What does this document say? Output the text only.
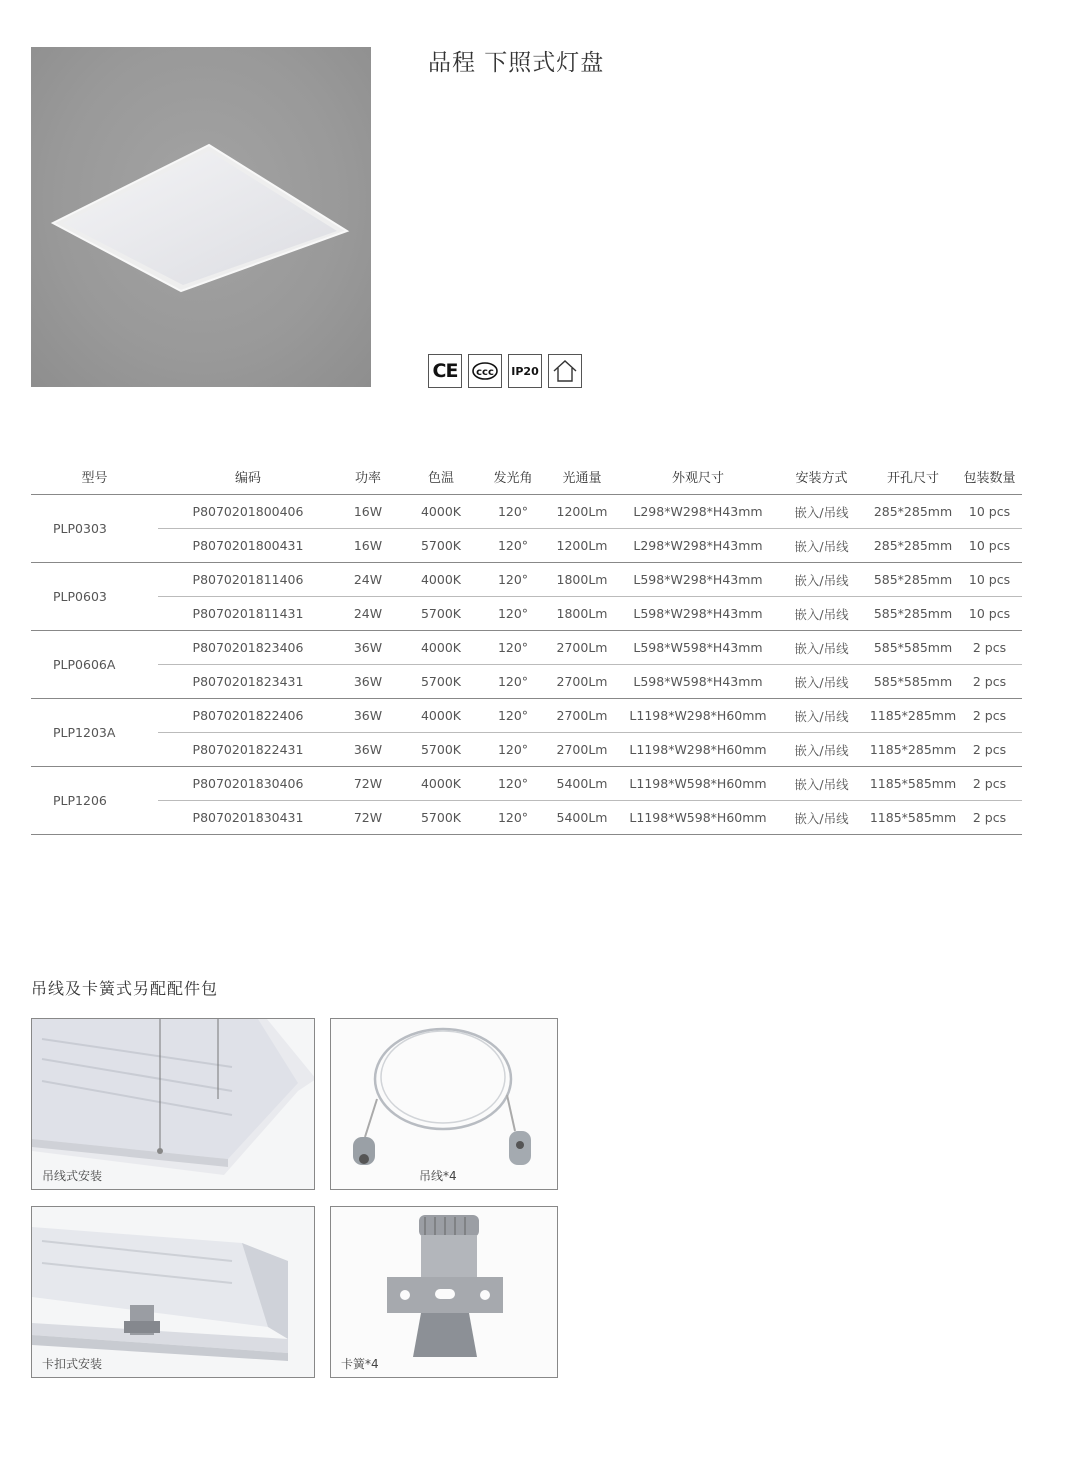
品程 下照式灯盘
CE	ccc IP20
型号	编码	功率	色温	发光角	光通量	外观尺寸	安装方式	开孔尺寸	包装数量
PLP0303	P8070201800406	16W	4000K	120°	1200Lm	L298*W298*H43mm	嵌入/吊线	285*285mm	10 pcs
	P8070201800431	16W	5700K	120°	1200Lm	L298*W298*H43mm	嵌入/吊线	285*285mm	10 pcs
PLP0603	P8070201811406	24W	4000K	120°	1800Lm	L598*W298*H43mm	嵌入/吊线	585*285mm	10 pcs
	P8070201811431	24W	5700K	120°	1800Lm	L598*W298*H43mm	嵌入/吊线	585*285mm	10 pcs
PLP0606A	P8070201823406	36W	4000K	120°	2700Lm	L598*W598*H43mm	嵌入/吊线	585*585mm	2 pcs
	P8070201823431	36W	5700K	120°	2700Lm	L598*W598*H43mm	嵌入/吊线	585*585mm	2 pcs
PLP1203A	P8070201822406	36W	4000K	120°	2700Lm	L1198*W298*H60mm	嵌入/吊线	1185*285mm	2 pcs
	P8070201822431	36W	5700K	120°	2700Lm	L1198*W298*H60mm	嵌入/吊线	1185*285mm	2 pcs
PLP1206	P8070201830406	72W	4000K	120°	5400Lm	L1198*W598*H60mm	嵌入/吊线	1185*585mm	2 pcs
	P8070201830431	72W	5700K	120°	5400Lm	L1198*W598*H60mm	嵌入/吊线	1185*585mm	2 pcs
吊线及卡簧式另配配件包
吊线式安装	吊线*4
卡扣式安装	卡簧*4
